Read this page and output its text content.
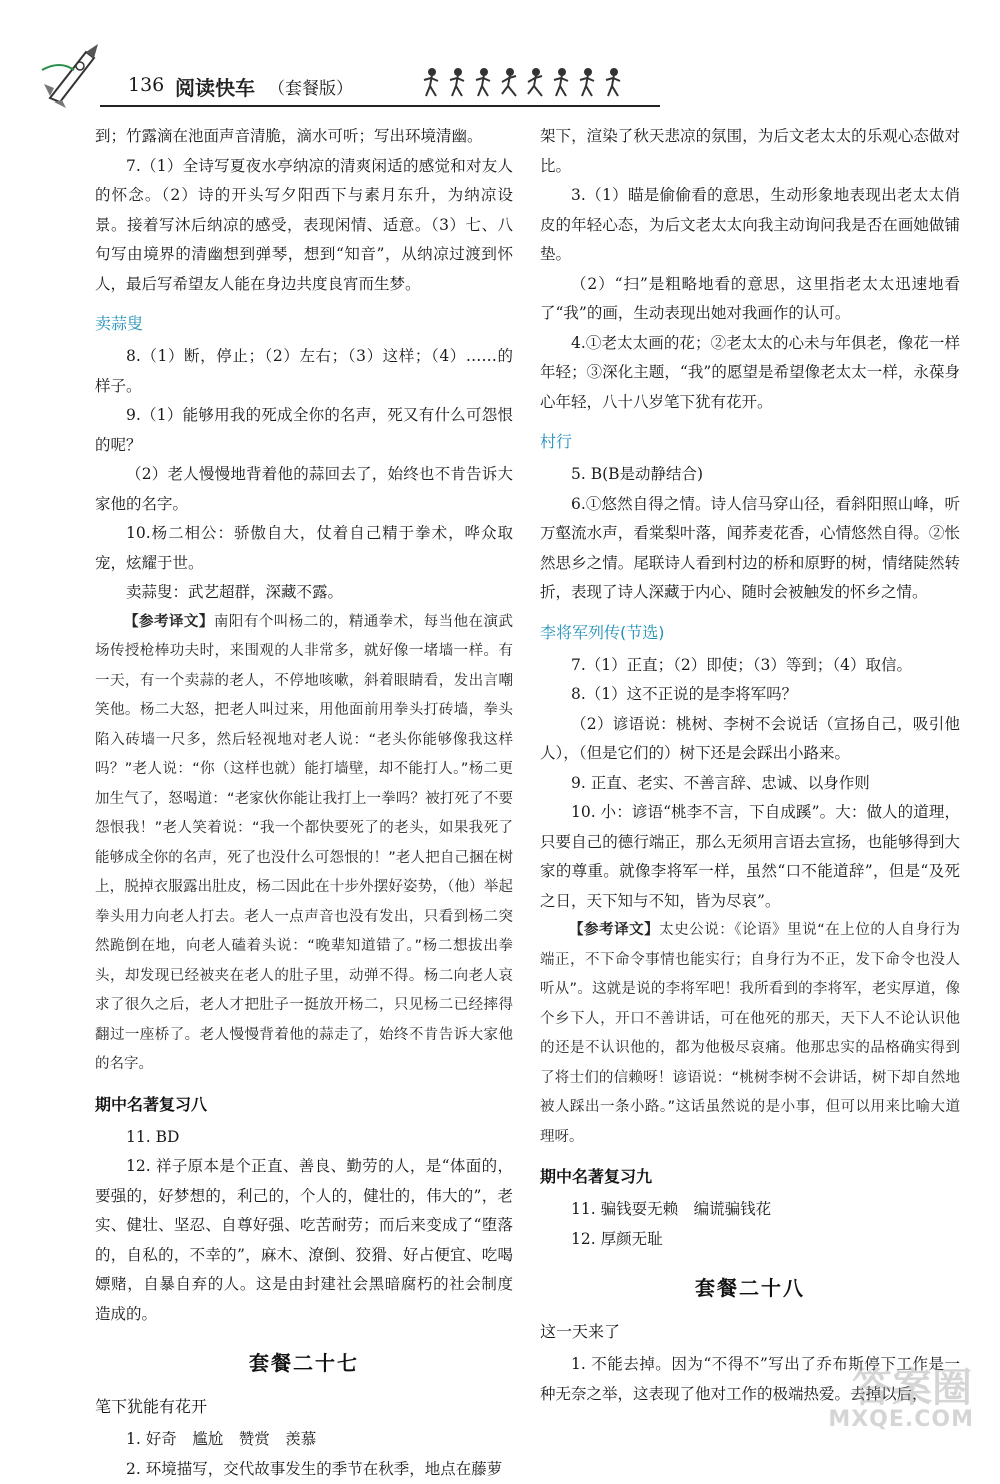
136 阅读快车 （套餐版）

到；竹露滴在池面声音清脆，滴水可听；写出环境清幽。

7.（1）全诗写夏夜水亭纳凉的清爽闲适的感觉和对友人的怀念。（2）诗的开头写夕阳西下与素月东升，为纳凉设景。接着写沐后纳凉的感受，表现闲情、适意。（3）七、八句写由境界的清幽想到弹琴，想到“知音”，从纳凉过渡到怀人，最后写希望友人能在身边共度良宵而生梦。

卖蒜叟

8.（1）断，停止；（2）左右；（3）这样；（4）……的样子。

9.（1）能够用我的死成全你的名声，死又有什么可怨恨的呢？

（2）老人慢慢地背着他的蒜回去了，始终也不肯告诉大家他的名字。

10.杨二相公：骄傲自大，仗着自己精于拳术，哗众取宠，炫耀于世。

卖蒜叟：武艺超群，深藏不露。

【参考译文】南阳有个叫杨二的，精通拳术，每当他在演武场传授枪棒功夫时，来围观的人非常多，就好像一堵墙一样。有一天，有一个卖蒜的老人，不停地咳嗽，斜着眼睛看，发出言嘲笑他。杨二大怒，把老人叫过来，用他面前用拳头打砖墙，拳头陷入砖墙一尺多，然后轻视地对老人说：“老头你能够像我这样吗？”老人说：“你（这样也就）能打墙壁，却不能打人。”杨二更加生气了，怒喝道：“老家伙你能让我打上一拳吗？被打死了不要怨恨我！”老人笑着说：“我一个都快要死了的老头，如果我死了能够成全你的名声，死了也没什么可怨恨的！”老人把自己捆在树上，脱掉衣服露出肚皮，杨二因此在十步外摆好姿势，（他）举起拳头用力向老人打去。老人一点声音也没有发出，只看到杨二突然跪倒在地，向老人磕着头说：“晚辈知道错了。”杨二想拔出拳头，却发现已经被夹在老人的肚子里，动弹不得。杨二向老人哀求了很久之后，老人才把肚子一挺放开杨二，只见杨二已经摔得翻过一座桥了。老人慢慢背着他的蒜走了，始终不肯告诉大家他的名字。

期中名著复习八

11. BD

12. 祥子原本是个正直、善良、勤劳的人，是“体面的，要强的，好梦想的，利己的，个人的，健壮的，伟大的”，老实、健壮、坚忍、自尊好强、吃苦耐劳；而后来变成了“堕落的，自私的，不幸的”，麻木、潦倒、狡猾、好占便宜、吃喝嫖赌，自暴自弃的人。这是由封建社会黑暗腐朽的社会制度造成的。

套餐二十七
笔下犹能有花开

1. 好奇　尴尬　赞赏　羡慕

2. 环境描写，交代故事发生的季节在秋季，地点在藤萝

架下，渲染了秋天悲凉的氛围，为后文老太太的乐观心态做对比。

3.（1）瞄是偷偷看的意思，生动形象地表现出老太太俏皮的年轻心态，为后文老太太向我主动询问我是否在画她做铺垫。

（2）“扫”是粗略地看的意思，这里指老太太迅速地看了“我”的画，生动表现出她对我画作的认可。

4.①老太太画的花；②老太太的心未与年俱老，像花一样年轻；③深化主题，“我”的愿望是希望像老太太一样，永葆身心年轻，八十八岁笔下犹有花开。

村行

5. B(B是动静结合)

6.①悠然自得之情。诗人信马穿山径，看斜阳照山峰，听万壑流水声，看棠梨叶落，闻荞麦花香，心情悠然自得。②怅然思乡之情。尾联诗人看到村边的桥和原野的树，情绪陡然转折，表现了诗人深藏于内心、随时会被触发的怀乡之情。

李将军列传(节选)

7.（1）正直；（2）即使；（3）等到；（4）取信。

8.（1）这不正说的是李将军吗？

（2）谚语说：桃树、李树不会说话（宣扬自己，吸引他人），（但是它们的）树下还是会踩出小路来。

9. 正直、老实、不善言辞、忠诚、以身作则

10. 小：谚语“桃李不言，下自成蹊”。大：做人的道理，只要自己的德行端正，那么无须用言语去宣扬，也能够得到大家的尊重。就像李将军一样，虽然“口不能道辞”，但是“及死之日，天下知与不知，皆为尽哀”。

【参考译文】太史公说：《论语》里说“在上位的人自身行为端正，不下命令事情也能实行；自身行为不正，发下命令也没人听从”。这就是说的李将军吧！我所看到的李将军，老实厚道，像个乡下人，开口不善讲话，可在他死的那天，天下人不论认识他的还是不认识他的，都为他极尽哀痛。他那忠实的品格确实得到了将士们的信赖呀！谚语说：“桃树李树不会讲话，树下却自然地被人踩出一条小路。”这话虽然说的是小事，但可以用来比喻大道理呀。

期中名著复习九

11. 骗钱耍无赖　编谎骗钱花

12. 厚颜无耻

套餐二十八
这一天来了

1. 不能去掉。因为“不得不”写出了乔布斯停下工作是一种无奈之举，这表现了他对工作的极端热爱。去掉以后，

答案圈
MXQE.COM
